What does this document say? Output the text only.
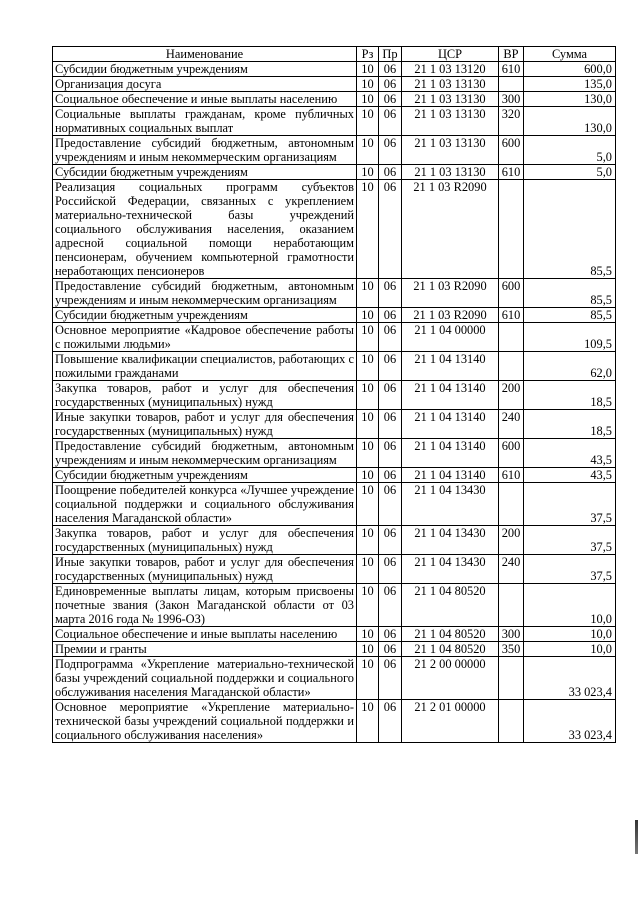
Наименование	Рз	Пр	ЦСР	ВР	Сумма
Субсидии бюджетным учреждениям	10	06	21 1 03 13120	610	600,0
Организация досуга	10	06	21 1 03 13130		135,0
Социальное обеспечение и иные выплаты населению	10	06	21 1 03 13130	300	130,0
Социальные выплаты гражданам, кроме публичных нормативных социальных выплат	10	06	21 1 03 13130	320	130,0
Предоставление субсидий бюджетным, автономным учреждениям и иным некоммерческим организациям	10	06	21 1 03 13130	600	5,0
Субсидии бюджетным учреждениям	10	06	21 1 03 13130	610	5,0
Реализация социальных программ субъектов Российской Федерации, связанных с укреплением материально-технической базы учреждений социального обслуживания населения, оказанием адресной социальной помощи неработающим пенсионерам, обучением компьютерной грамотности неработающих пенсионеров	10	06	21 1 03 R2090		85,5
Предоставление субсидий бюджетным, автономным учреждениям и иным некоммерческим организациям	10	06	21 1 03 R2090	600	85,5
Субсидии бюджетным учреждениям	10	06	21 1 03 R2090	610	85,5
Основное мероприятие «Кадровое обеспечение работы с пожилыми людьми»	10	06	21 1 04 00000		109,5
Повышение квалификации специалистов, работающих с пожилыми гражданами	10	06	21 1 04 13140		62,0
Закупка товаров, работ и услуг для обеспечения государственных (муниципальных) нужд	10	06	21 1 04 13140	200	18,5
Иные закупки товаров, работ и услуг для обеспечения государственных (муниципальных) нужд	10	06	21 1 04 13140	240	18,5
Предоставление субсидий бюджетным, автономным учреждениям и иным некоммерческим организациям	10	06	21 1 04 13140	600	43,5
Субсидии бюджетным учреждениям	10	06	21 1 04 13140	610	43,5
Поощрение победителей конкурса «Лучшее учреждение социальной поддержки и социального обслуживания населения Магаданской области»	10	06	21 1 04 13430		37,5
Закупка товаров, работ и услуг для обеспечения государственных (муниципальных) нужд	10	06	21 1 04 13430	200	37,5
Иные закупки товаров, работ и услуг для обеспечения государственных (муниципальных) нужд	10	06	21 1 04 13430	240	37,5
Единовременные выплаты лицам, которым присвоены почетные звания (Закон Магаданской области от 03 марта 2016 года № 1996-ОЗ)	10	06	21 1 04 80520		10,0
Социальное обеспечение и иные выплаты населению	10	06	21 1 04 80520	300	10,0
Премии и гранты	10	06	21 1 04 80520	350	10,0
Подпрограмма «Укрепление материально-технической базы учреждений социальной поддержки и социального обслуживания населения Магаданской области»	10	06	21 2 00 00000		33 023,4
Основное мероприятие «Укрепление материально-технической базы учреждений социальной поддержки и социального обслуживания населения»	10	06	21 2 01 00000		33 023,4
